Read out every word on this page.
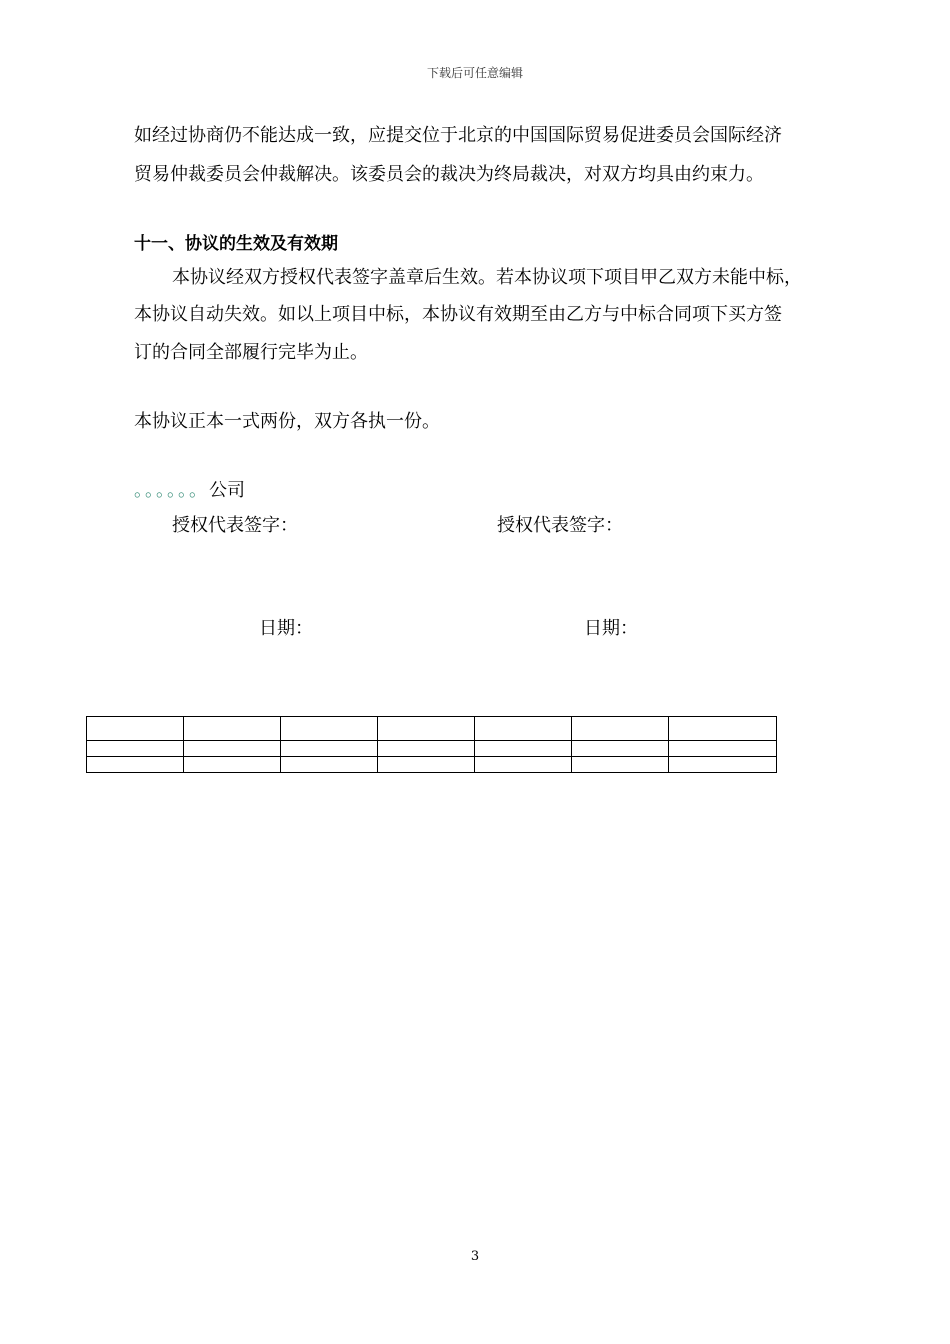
下载后可任意编辑
如经过协商仍不能达成一致，应提交位于北京的中国国际贸易促进委员会国际经济
贸易仲裁委员会仲裁解决。该委员会的裁决为终局裁决，对双方均具由约束力。
十一、协议的生效及有效期
本协议经双方授权代表签字盖章后生效。若本协议项下项目甲乙双方未能中标，
本协议自动失效。如以上项目中标，本协议有效期至由乙方与中标合同项下买方签
订的合同全部履行完毕为止。
本协议正本一式两份，双方各执一份。
。。。。。。公司
授权代表签字：	授权代表签字：
日期：	日期：

3
